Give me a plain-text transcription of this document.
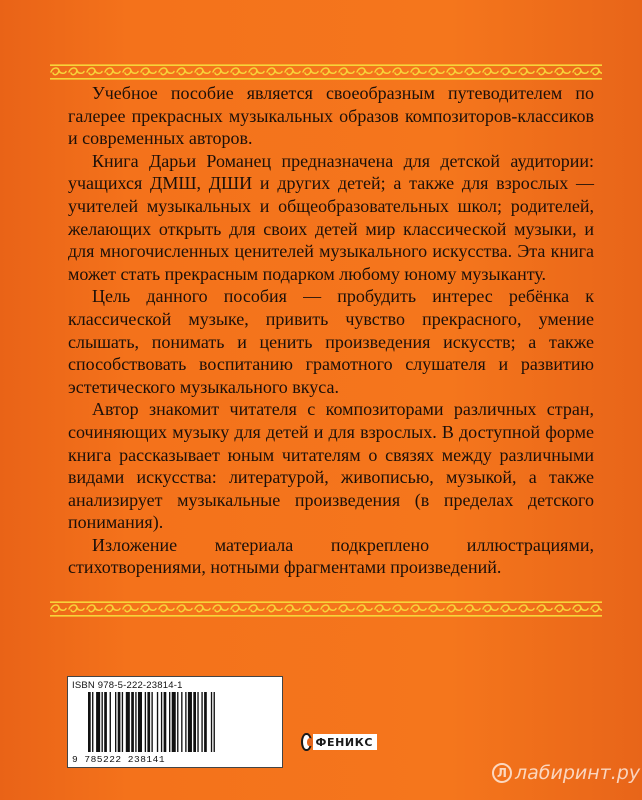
Учебное пособие является своеобразным путеводителем по галерее прекрасных музыкальных образов композиторов-классиков и современных авторов.

Книга Дарьи Романец предназначена для детской аудитории: учащихся ДМШ, ДШИ и других детей; а также для взрослых — учителей музыкальных и общеобразовательных школ; родителей, желающих открыть для своих детей мир классической музыки, и для многочисленных ценителей музыкального искусства. Эта книга может стать прекрасным подарком любому юному музыканту.

Цель данного пособия — пробудить интерес ребёнка к классической музыке, привить чувство прекрасного, умение слышать, понимать и ценить произведения искусств; а также способствовать воспитанию грамотного слушателя и развитию эстетического музыкального вкуса.

Автор знакомит читателя с композиторами различных стран, сочиняющих музыку для детей и для взрослых. В доступной форме книга рассказывает юным читателям о связях между различными видами искусства: литературой, живописью, музыкой, а также анализирует музыкальные произведения (в пределах детского понимания).

Изложение материала подкреплено иллюстрациями, стихотворениями, нотными фрагментами произведений.

ISBN 978-5-222-23814-1
9 785222 238141
ФЕНИКС
Л лабиринт.ру
